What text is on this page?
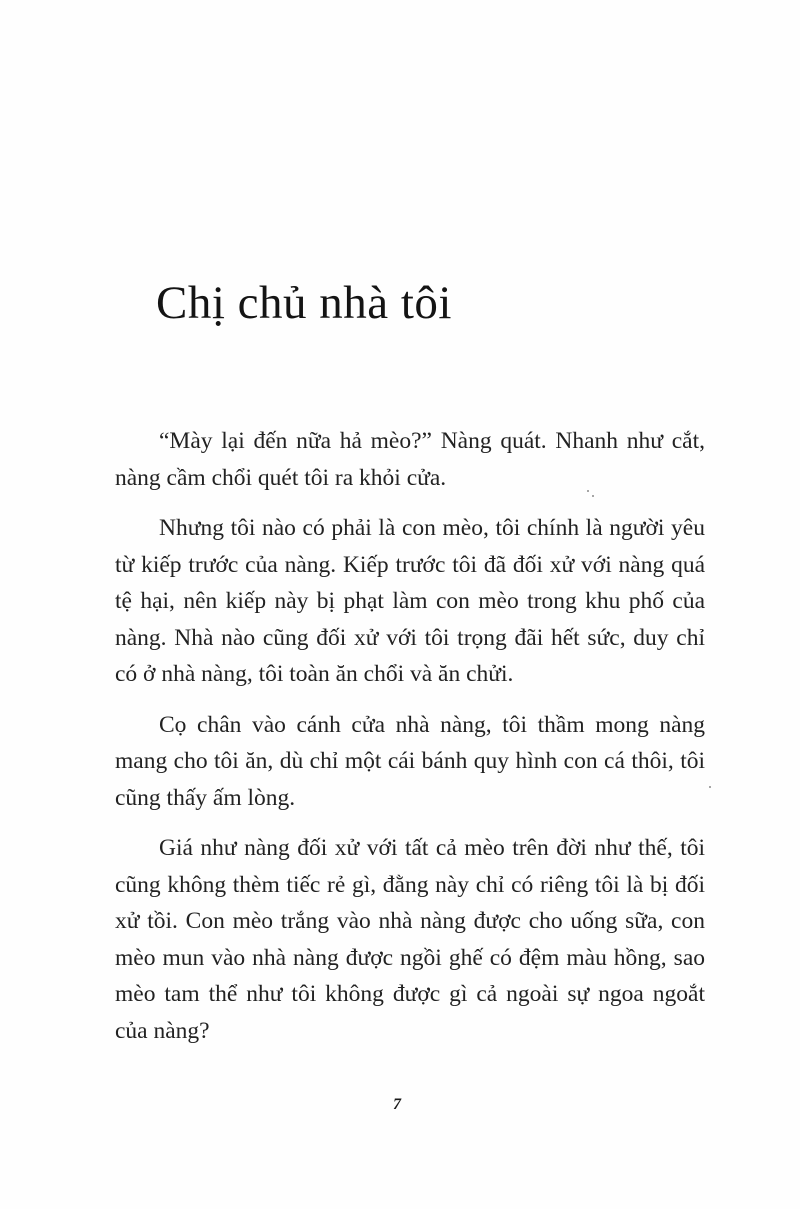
Chị chủ nhà tôi

“Mày lại đến nữa hả mèo?” Nàng quát. Nhanh như cắt, nàng cầm chổi quét tôi ra khỏi cửa.

Nhưng tôi nào có phải là con mèo, tôi chính là người yêu từ kiếp trước của nàng. Kiếp trước tôi đã đối xử với nàng quá tệ hại, nên kiếp này bị phạt làm con mèo trong khu phố của nàng. Nhà nào cũng đối xử với tôi trọng đãi hết sức, duy chỉ có ở nhà nàng, tôi toàn ăn chổi và ăn chửi.

Cọ chân vào cánh cửa nhà nàng, tôi thầm mong nàng mang cho tôi ăn, dù chỉ một cái bánh quy hình con cá thôi, tôi cũng thấy ấm lòng.

Giá như nàng đối xử với tất cả mèo trên đời như thế, tôi cũng không thèm tiếc rẻ gì, đằng này chỉ có riêng tôi là bị đối xử tồi. Con mèo trắng vào nhà nàng được cho uống sữa, con mèo mun vào nhà nàng được ngồi ghế có đệm màu hồng, sao mèo tam thể như tôi không được gì cả ngoài sự ngoa ngoắt của nàng?

7
